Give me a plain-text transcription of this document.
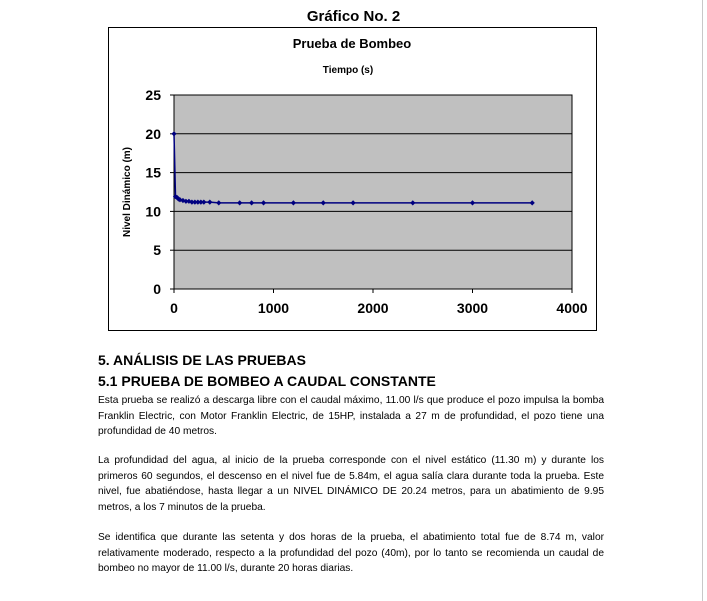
Gráfico No. 2
Prueba de Bombeo
Tiempo (s)
0
5
10
15
20
25
0	1000	2000	3000	4000
Nivel Dinámico (m)
5. ANÁLISIS DE LAS PRUEBAS
5.1 PRUEBA DE BOMBEO A CAUDAL CONSTANTE
Esta prueba se realizó a descarga libre con el caudal máximo, 11.00 l/s que produce el pozo impulsa la bomba Franklin Electric, con Motor Franklin Electric, de 15HP, instalada a 27 m de profundidad, el pozo tiene una profundidad de 40 metros.
La profundidad del agua, al inicio de la prueba corresponde con el nivel estático (11.30 m) y durante los primeros 60 segundos, el descenso en el nivel fue de 5.84m, el agua salía clara durante toda la prueba. Este nivel, fue abatiéndose, hasta llegar a un NIVEL DINÁMICO DE 20.24 metros, para un abatimiento de 9.95 metros, a los 7 minutos de la prueba.
Se identifica que durante las setenta y dos horas de la prueba, el abatimiento total fue de 8.74 m, valor relativamente moderado, respecto a la profundidad del pozo (40m), por lo tanto se recomienda un caudal de bombeo no mayor de 11.00 l/s, durante 20 horas diarias.
